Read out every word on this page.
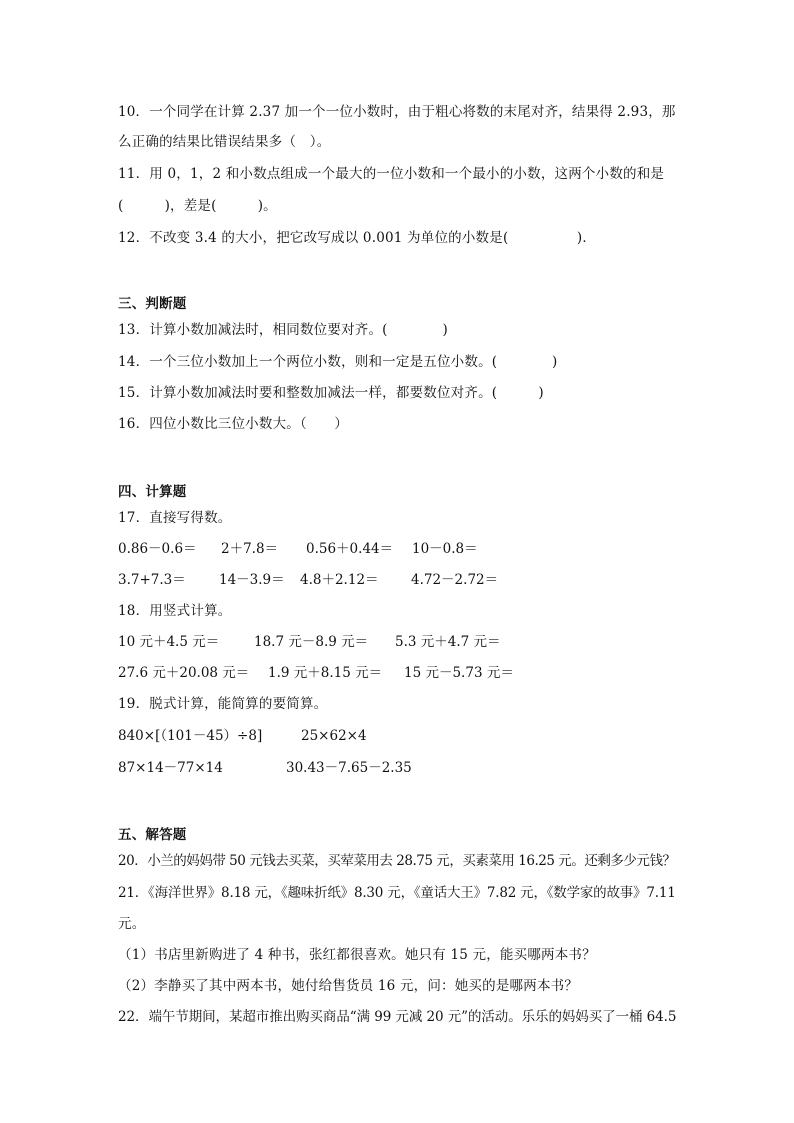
10．一个同学在计算 2.37 加一个一位小数时，由于粗心将数的末尾对齐，结果得 2.93，那
么正确的结果比错误结果多（　）。
11．用 0，1，2 和小数点组成一个最大的一位小数和一个最小的小数，这两个小数的和是
(　　　)，差是(　　　)。
12．不改变 3.4 的大小，把它改写成以 0.001 为单位的小数是(　　　　　)．
三、判断题
13．计算小数加减法时，相同数位要对齐。(　　　　)
14．一个三位小数加上一个两位小数，则和一定是五位小数。(　　　　)
15．计算小数加减法时要和整数加减法一样，都要数位对齐。(　　　)
16．四位小数比三位小数大。（　　）
四、计算题
17．直接写得数。
0.86－0.6＝ 2＋7.8＝ 0.56＋0.44＝ 10－0.8＝
3.7+7.3＝ 14－3.9＝ 4.8＋2.12＝ 4.72－2.72＝
18．用竖式计算。
10 元＋4.5 元＝	18.7 元－8.9 元＝ 5.3 元＋4.7 元＝
27.6 元＋20.08 元＝ 1.9 元＋8.15 元＝ 15 元－5.73 元＝
19．脱式计算，能简算的要简算。
840×[（101－45）÷8]	25×62×4
87×14－77×14	30.43－7.65－2.35
五、解答题
20．小兰的妈妈带 50 元钱去买菜，买荤菜用去 28.75 元，买素菜用 16.25 元。还剩多少元钱？
21．《海洋世界》8.18 元，《趣味折纸》8.30 元，《童话大王》7.82 元，《数学家的故事》7.11
元。
（1）书店里新购进了 4 种书，张红都很喜欢。她只有 15 元，能买哪两本书？
（2）李静买了其中两本书，她付给售货员 16 元，问：她买的是哪两本书？
22．端午节期间，某超市推出购买商品“满 99 元减 20 元”的活动。乐乐的妈妈买了一桶 64.5
